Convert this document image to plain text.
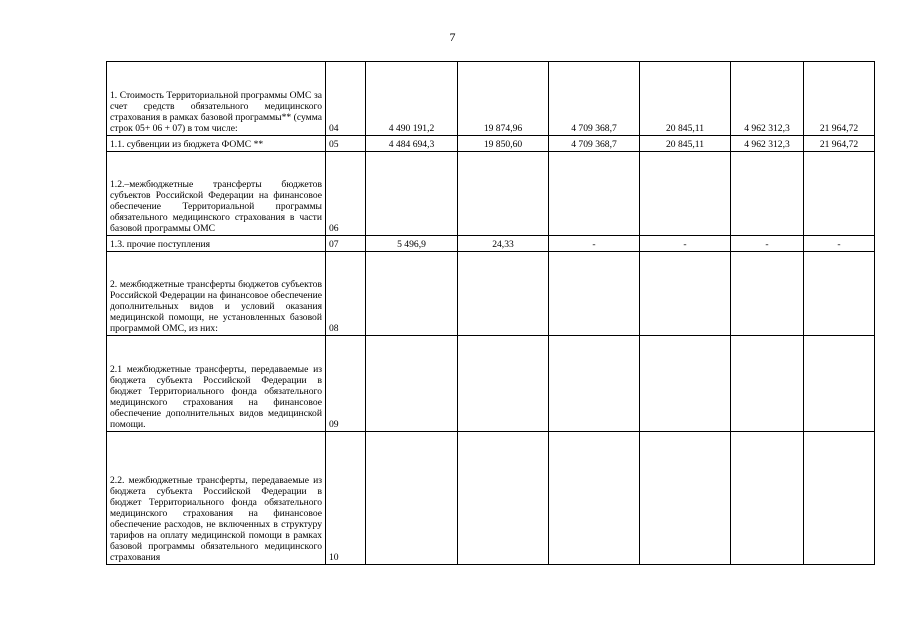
7
1. Стоимость Территориальной программы ОМС за счет средств обязательного медицинского страхования в рамках базовой программы** (сумма строк 05+ 06 + 07) в том числе:	04	4 490 191,2	19 874,96	4 709 368,7	20 845,11	4 962 312,3	21 964,72
1.1. субвенции из бюджета ФОМС **	05	4 484 694,3	19 850,60	4 709 368,7	20 845,11	4 962 312,3	21 964,72
1.2.–межбюджетные трансферты бюджетов субъектов Российской Федерации на финансовое обеспечение Территориальной программы обязательного медицинского страхования в части базовой программы ОМС	06						
1.3. прочие поступления	07	5 496,9	24,33	-	-	-	-
2. межбюджетные трансферты бюджетов субъектов Российской Федерации на финансовое обеспечение дополнительных видов и условий оказания медицинской помощи, не установленных базовой программой ОМС, из них:	08						
2.1 межбюджетные трансферты, передаваемые из бюджета субъекта Российской Федерации в бюджет Территориального фонда обязательного медицинского страхования на финансовое обеспечение дополнительных видов медицинской помощи.	09						
2.2. межбюджетные трансферты, передаваемые из бюджета субъекта Российской Федерации в бюджет Территориального фонда обязательного медицинского страхования на финансовое обеспечение расходов, не включенных в структуру тарифов на оплату медицинской помощи в рамках базовой программы обязательного медицинского страхования	10						
